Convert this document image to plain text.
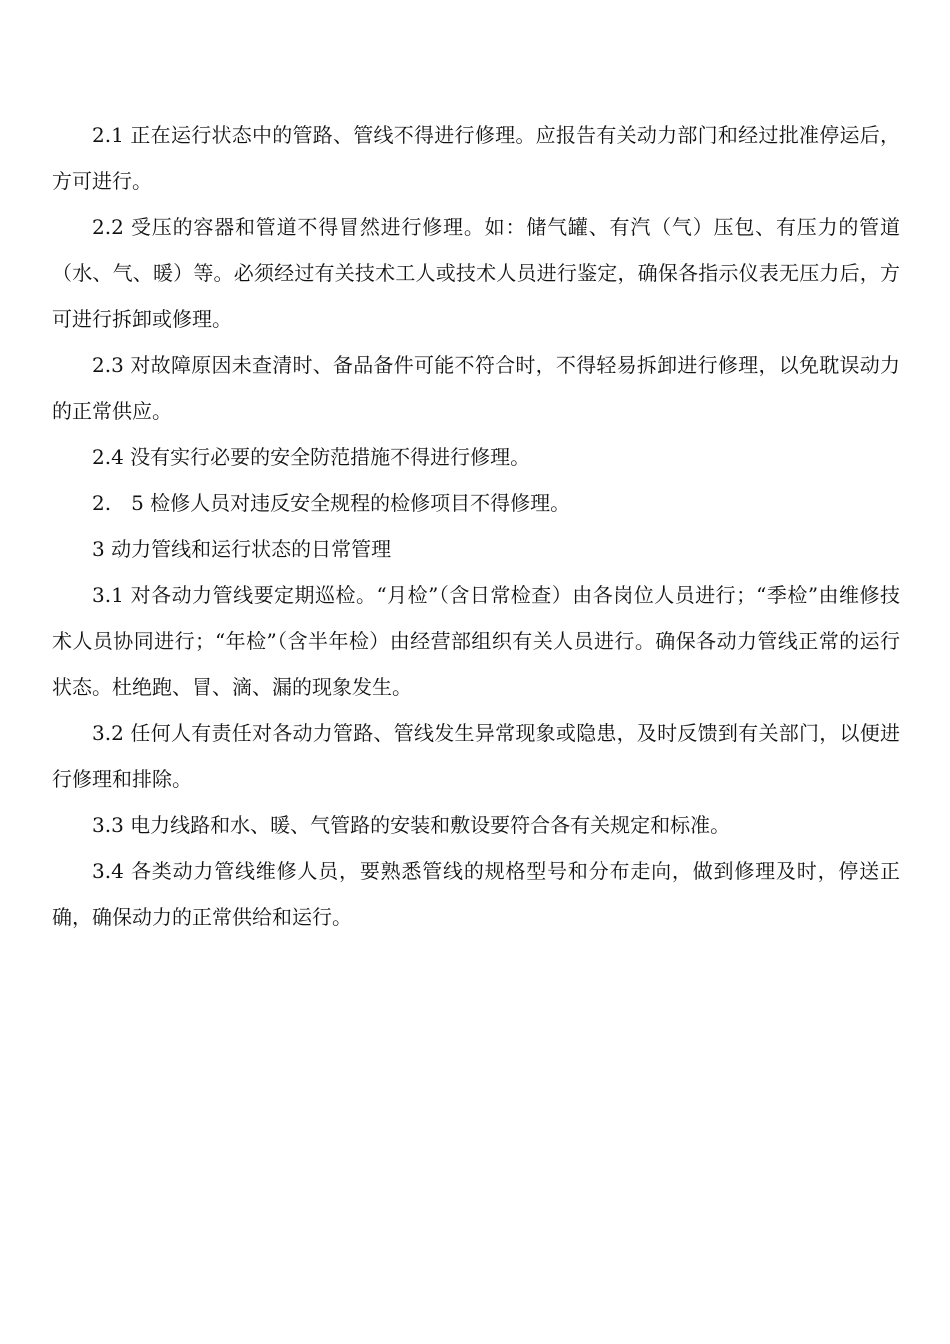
2.1 正在运行状态中的管路、管线不得进行修理。应报告有关动力部门和经过批准停运后，方可进行。

2.2 受压的容器和管道不得冒然进行修理。如：储气罐、有汽（气）压包、有压力的管道（水、气、暖）等。必须经过有关技术工人或技术人员进行鉴定，确保各指示仪表无压力后，方可进行拆卸或修理。

2.3 对故障原因未查清时、备品备件可能不符合时，不得轻易拆卸进行修理，以免耽误动力的正常供应。

2.4 没有实行必要的安全防范措施不得进行修理。

2.　5 检修人员对违反安全规程的检修项目不得修理。

3 动力管线和运行状态的日常管理

3.1 对各动力管线要定期巡检。“月检”（含日常检查）由各岗位人员进行；“季检”由维修技术人员协同进行；“年检”（含半年检）由经营部组织有关人员进行。确保各动力管线正常的运行状态。杜绝跑、冒、滴、漏的现象发生。

3.2 任何人有责任对各动力管路、管线发生异常现象或隐患，及时反馈到有关部门，以便进行修理和排除。

3.3 电力线路和水、暖、气管路的安装和敷设要符合各有关规定和标准。

3.4 各类动力管线维修人员，要熟悉管线的规格型号和分布走向，做到修理及时，停送正确，确保动力的正常供给和运行。
